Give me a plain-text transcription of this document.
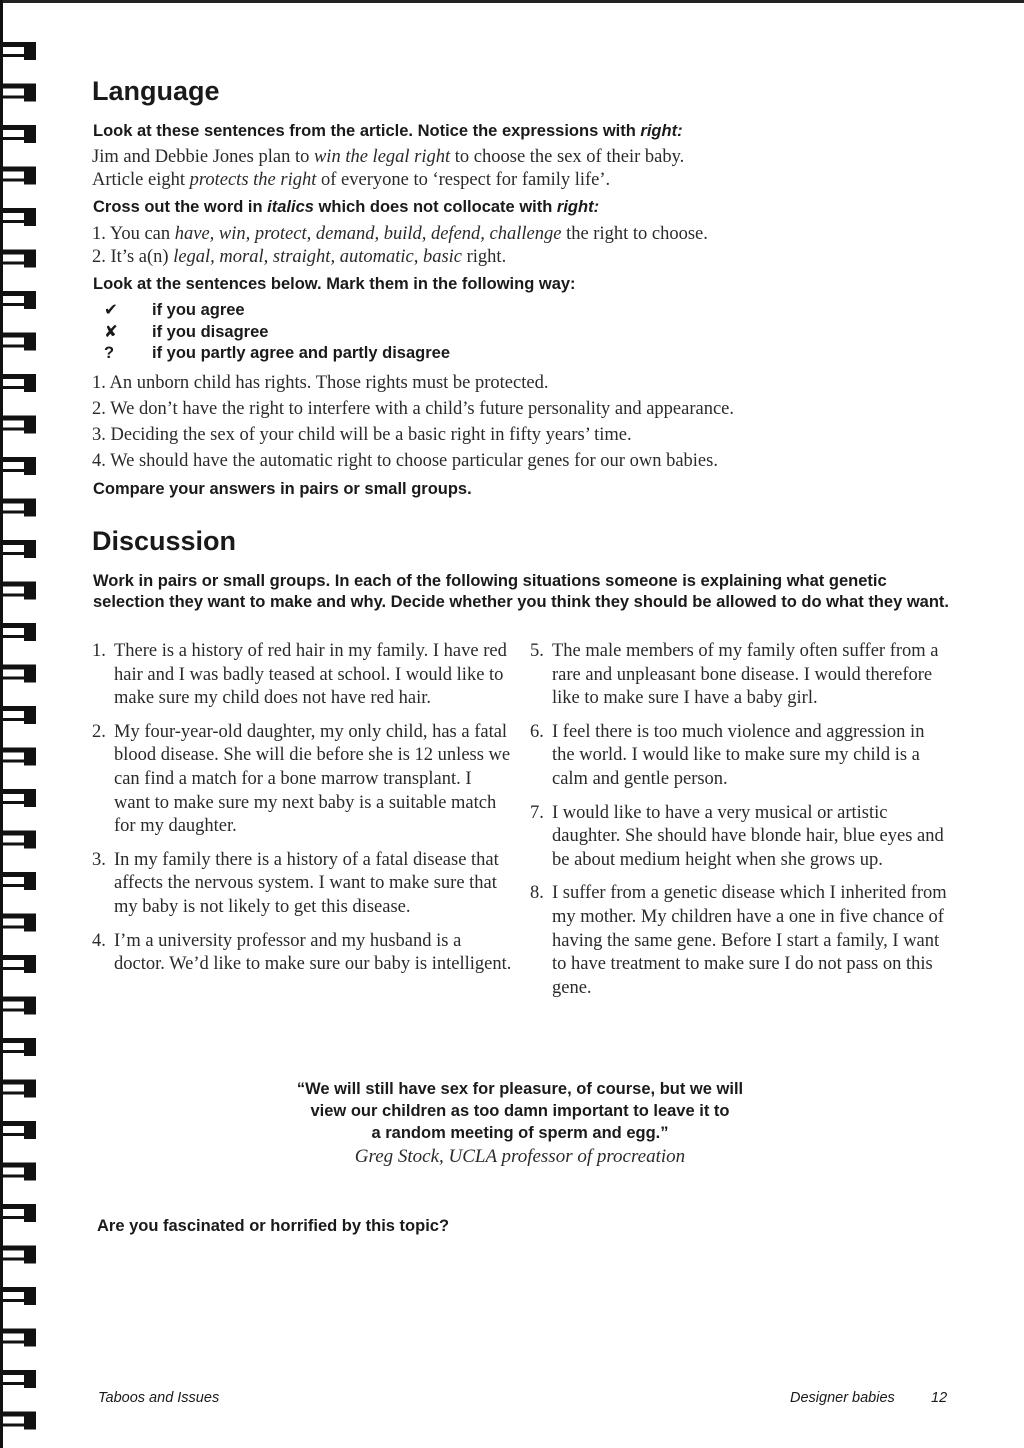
Language

Look at these sentences from the article. Notice the expressions with right:

Jim and Debbie Jones plan to win the legal right to choose the sex of their baby.

Article eight protects the right of everyone to ‘respect for family life’.

Cross out the word in italics which does not collocate with right:

1. You can have, win, protect, demand, build, defend, challenge the right to choose.

2. It’s a(n) legal, moral, straight, automatic, basic right.

Look at the sentences below. Mark them in the following way:

✔ if you agree
✘ if you disagree
? if you partly agree and partly disagree
1. An unborn child has rights. Those rights must be protected.
2. We don’t have the right to interfere with a child’s future personality and appearance.
3. Deciding the sex of your child will be a basic right in fifty years’ time.
4. We should have the automatic right to choose particular genes for our own babies.

Compare your answers in pairs or small groups.

Discussion

Work in pairs or small groups. In each of the following situations someone is explaining what genetic selection they want to make and why. Decide whether you think they should be allowed to do what they want.

1. There is a history of red hair in my family. I have red hair and I was badly teased at school. I would like to make sure my child does not have red hair.
2. My four-year-old daughter, my only child, has a fatal blood disease. She will die before she is 12 unless we can find a match for a bone marrow transplant. I want to make sure my next baby is a suitable match for my daughter.
3. In my family there is a history of a fatal disease that affects the nervous system. I want to make sure that my baby is not likely to get this disease.
4. I’m a university professor and my husband is a doctor. We’d like to make sure our baby is intelligent.
5. The male members of my family often suffer from a rare and unpleasant bone disease. I would therefore like to make sure I have a baby girl.
6. I feel there is too much violence and aggression in the world. I would like to make sure my child is a calm and gentle person.
7. I would like to have a very musical or artistic daughter. She should have blonde hair, blue eyes and be about medium height when she grows up.
8. I suffer from a genetic disease which I inherited from my mother. My children have a one in five chance of having the same gene. Before I start a family, I want to have treatment to make sure I do not pass on this gene.

“We will still have sex for pleasure, of course, but we will
view our children as too damn important to leave it to
a random meeting of sperm and egg.”

Greg Stock, UCLA professor of procreation

Are you fascinated or horrified by this topic?

Taboos and Issues	Designer babies 12
